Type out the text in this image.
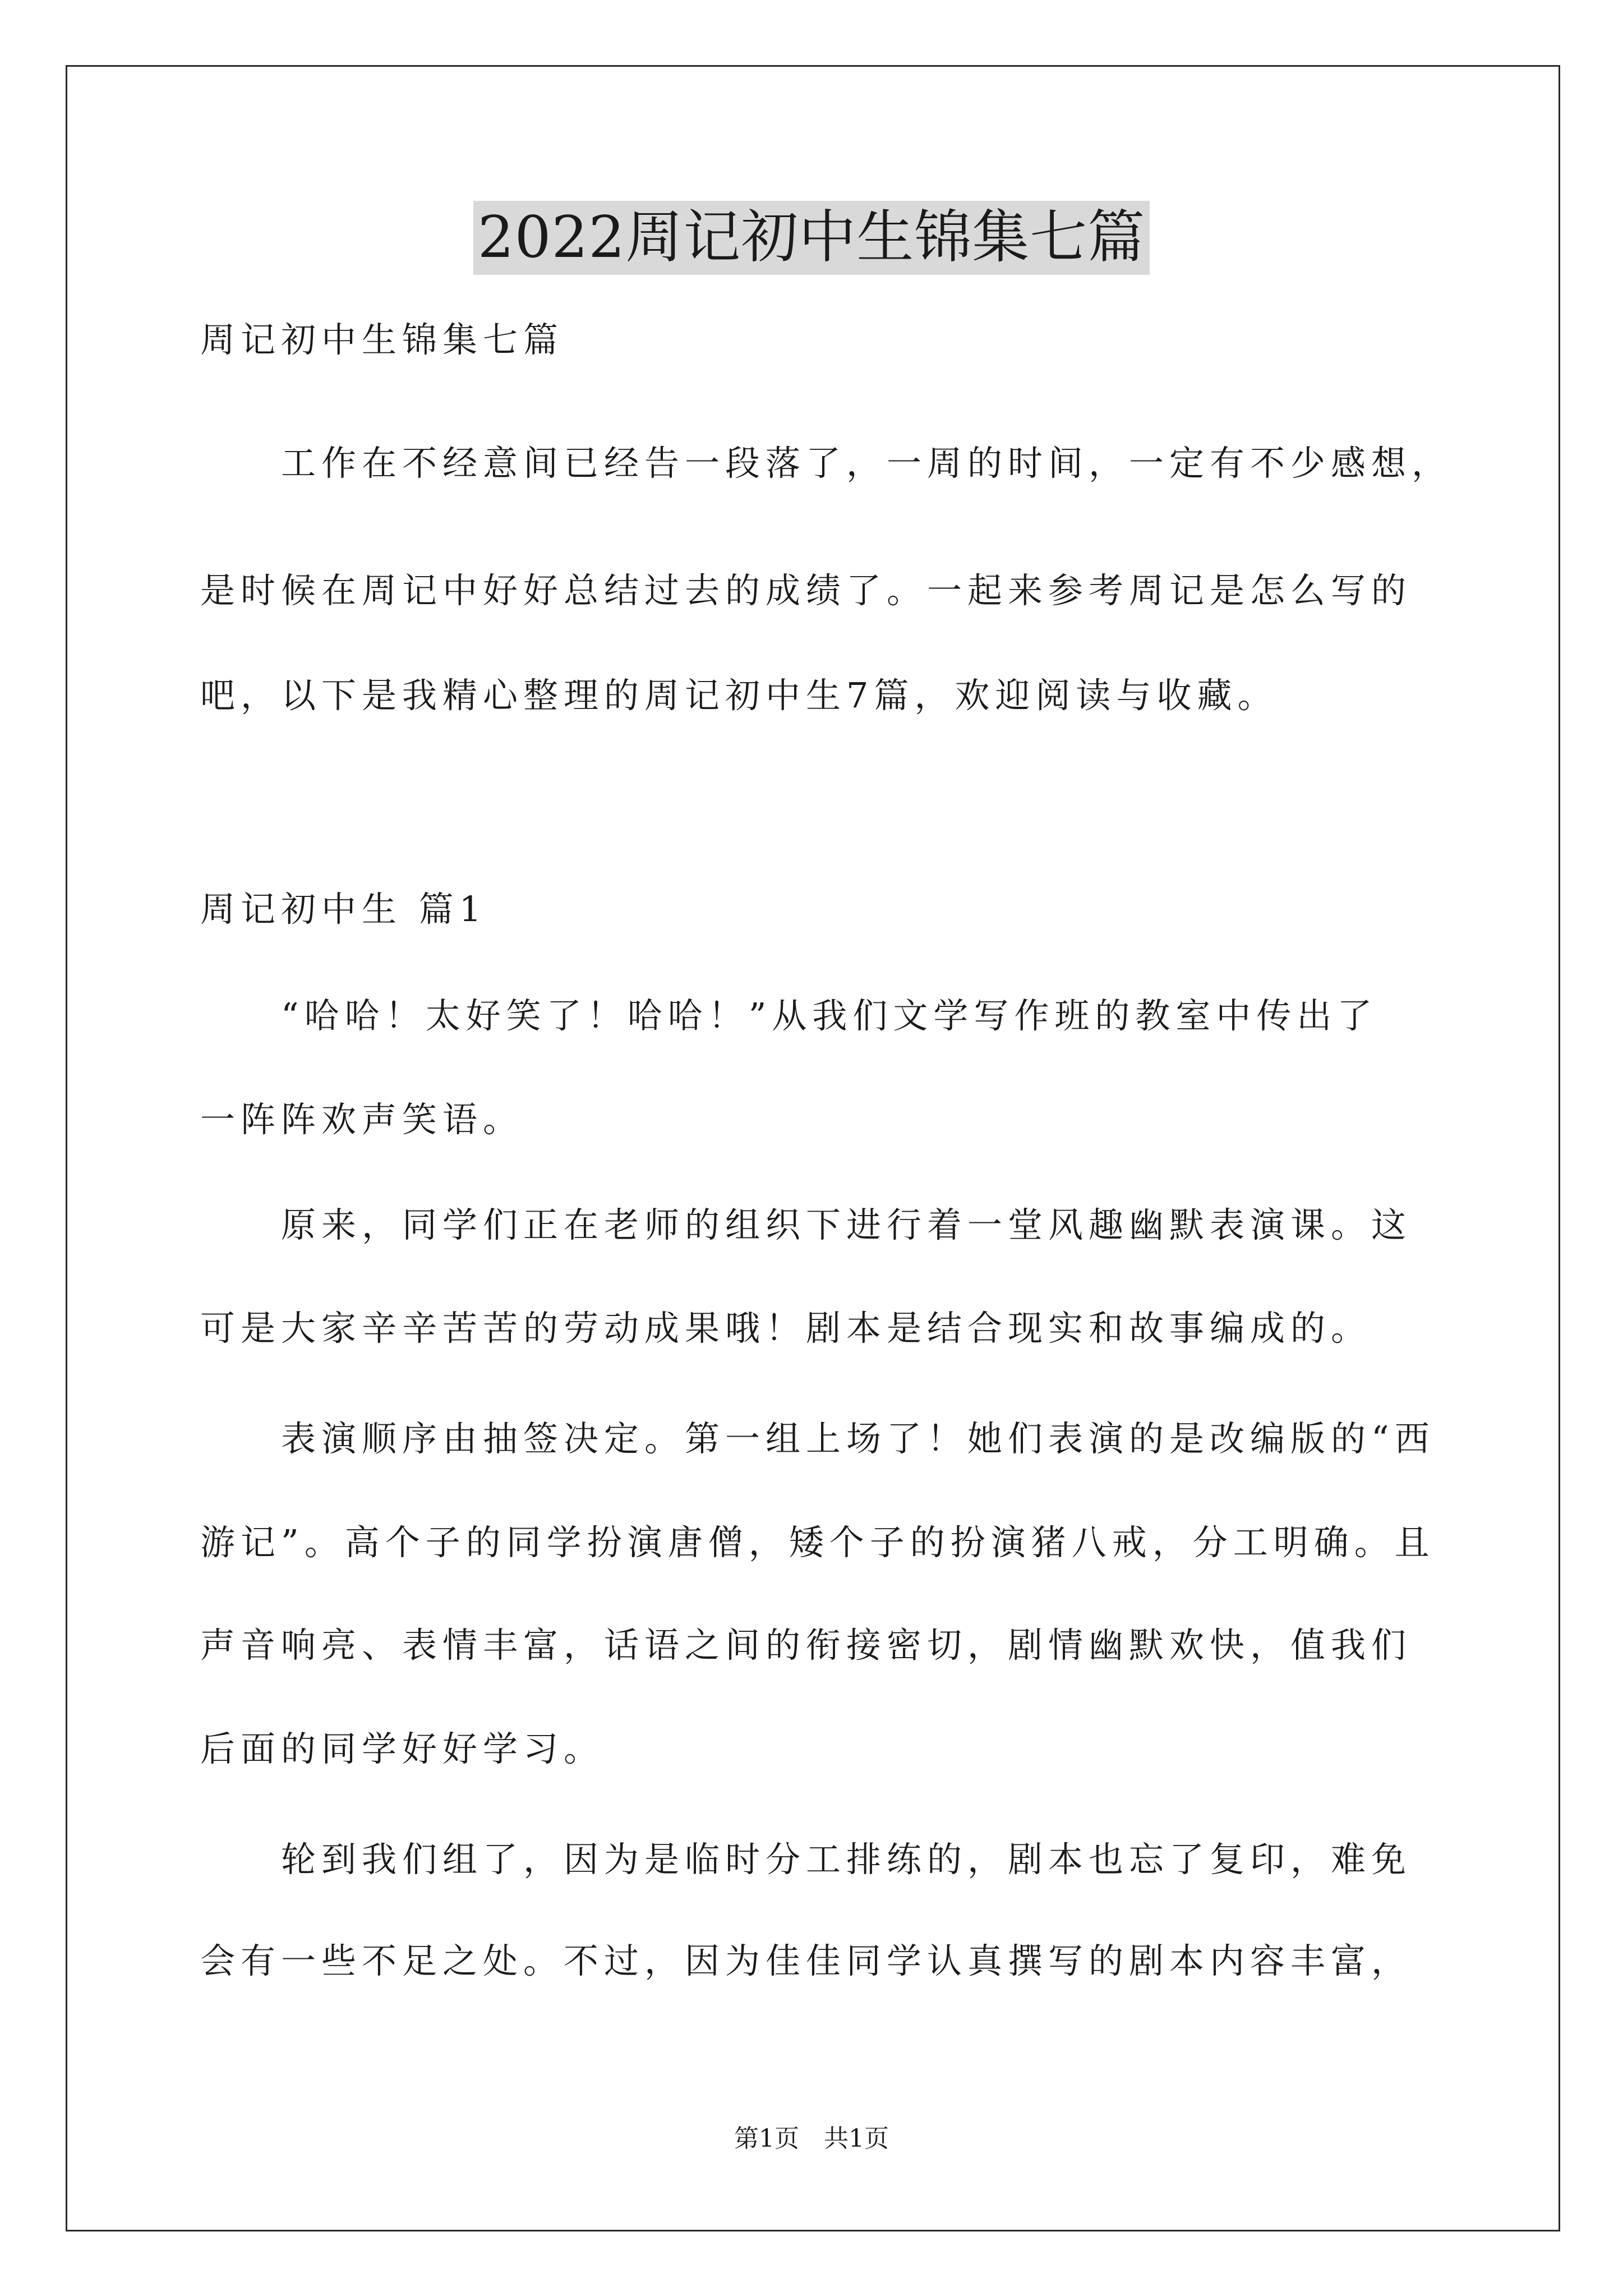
2022周记初中生锦集七篇
周记初中生锦集七篇
　　工作在不经意间已经告一段落了，一周的时间，一定有不少感想，
是时候在周记中好好总结过去的成绩了。一起来参考周记是怎么写的
吧，以下是我精心整理的周记初中生7篇，欢迎阅读与收藏。
周记初中生 篇1
　　“哈哈！太好笑了！哈哈！”从我们文学写作班的教室中传出了
一阵阵欢声笑语。
　　原来，同学们正在老师的组织下进行着一堂风趣幽默表演课。这
可是大家辛辛苦苦的劳动成果哦！剧本是结合现实和故事编成的。
　　表演顺序由抽签决定。第一组上场了！她们表演的是改编版的“西
游记”。高个子的同学扮演唐僧，矮个子的扮演猪八戒，分工明确。且
声音响亮、表情丰富，话语之间的衔接密切，剧情幽默欢快，值我们
后面的同学好好学习。
　　轮到我们组了，因为是临时分工排练的，剧本也忘了复印，难免
会有一些不足之处。不过，因为佳佳同学认真撰写的剧本内容丰富，
第1页　共1页
